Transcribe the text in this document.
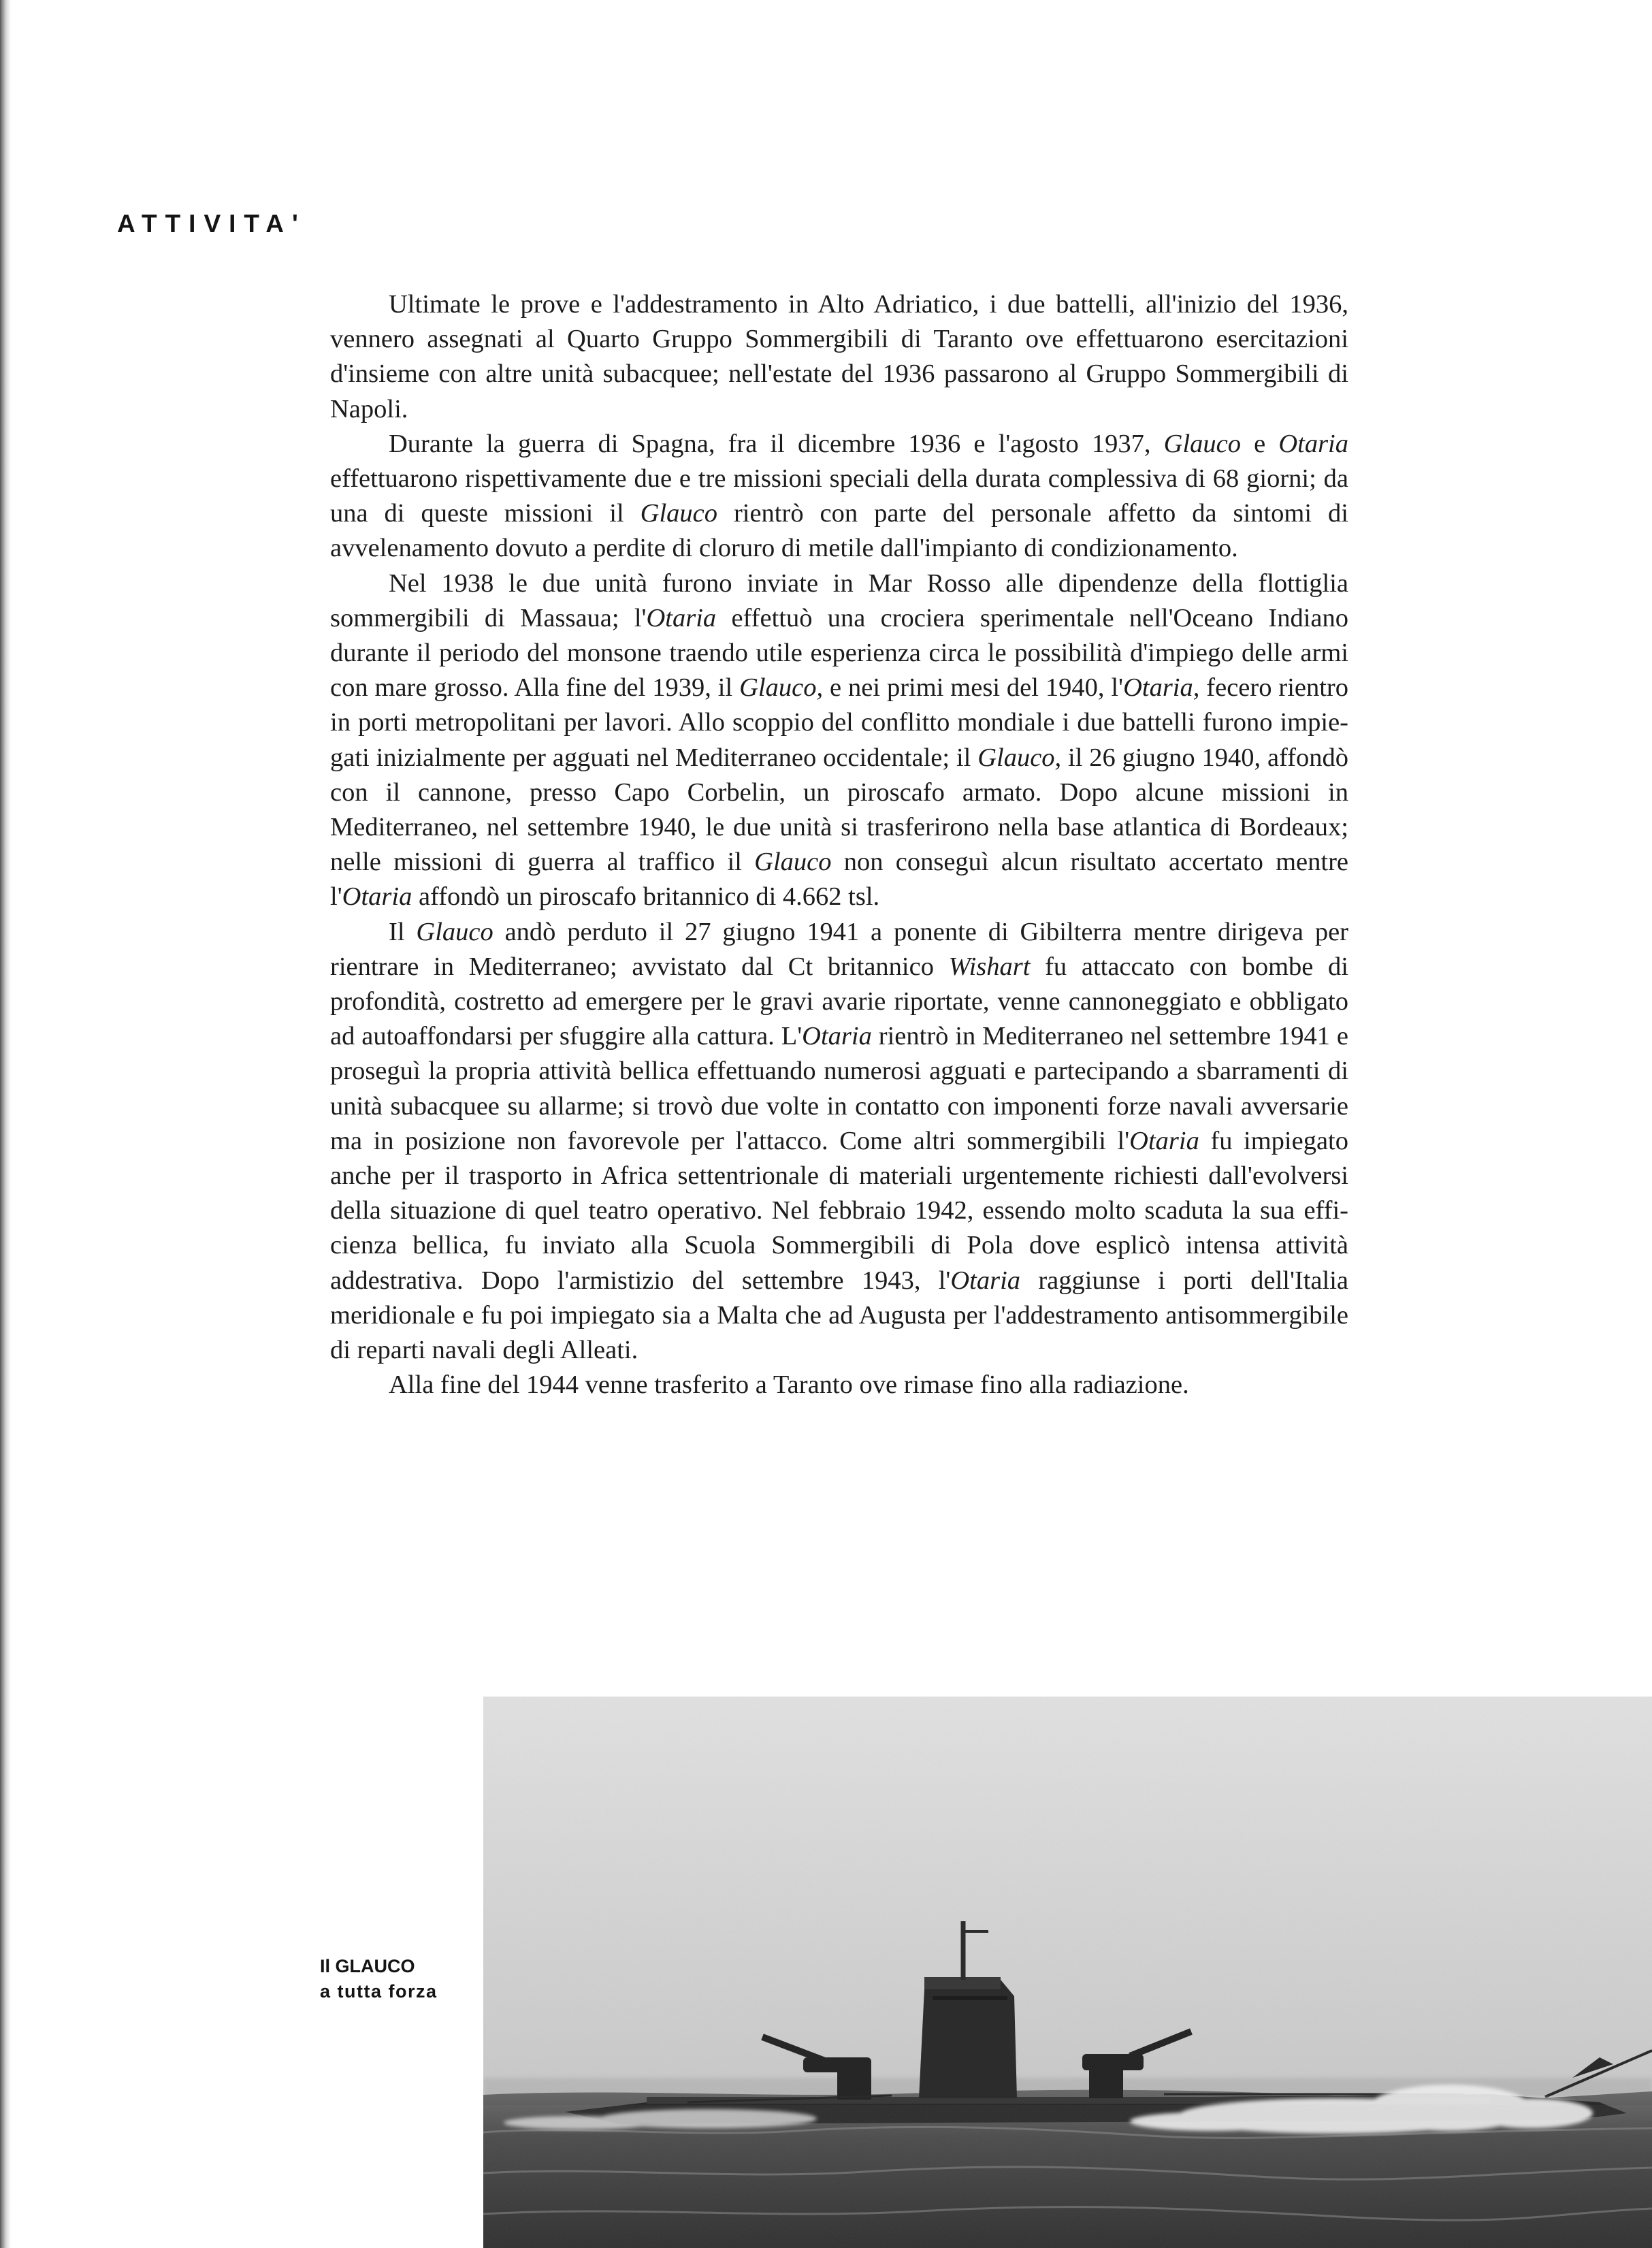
ATTIVITA'

Ultimate le prove e l'addestramento in Alto Adriatico, i due battelli, all'inizio del 1936, vennero assegnati al Quarto Gruppo Sommergibili di Taranto ove effettuarono esercitazioni d'insieme con altre unità subacquee; nell'estate del 1936 passarono al Gruppo Sommergibili di Napoli.

Durante la guerra di Spagna, fra il dicembre 1936 e l'agosto 1937, Glauco e Otaria effettuarono rispettivamente due e tre missioni speciali della durata complessiva di 68 giorni; da una di queste missioni il Glauco rientrò con parte del personale affetto da sintomi di avvelenamento dovuto a perdite di cloruro di metile dall'impianto di condizionamento.

Nel 1938 le due unità furono inviate in Mar Rosso alle dipendenze della flottiglia sommergibili di Massaua; l'Otaria effettuò una crociera sperimentale nell'Oceano Indiano durante il periodo del monsone traendo utile esperienza circa le possibilità d'impiego delle armi con mare grosso. Alla fine del 1939, il Glauco, e nei primi mesi del 1940, l'Otaria, fecero rientro in porti metropolitani per lavori. Allo scoppio del conflitto mondiale i due battelli furono impiegati inizialmente per agguati nel Mediterraneo occidentale; il Glauco, il 26 giugno 1940, affondò con il cannone, presso Capo Corbelin, un piroscafo armato. Dopo alcune missioni in Mediterraneo, nel settembre 1940, le due unità si trasferirono nella base atlantica di Bordeaux; nelle missioni di guerra al traffico il Glauco non conseguì alcun risultato accertato mentre l'Otaria affondò un piroscafo britannico di 4.662 tsl.

Il Glauco andò perduto il 27 giugno 1941 a ponente di Gibilterra mentre dirigeva per rientrare in Mediterraneo; avvistato dal Ct britannico Wishart fu attaccato con bombe di profondità, costretto ad emergere per le gravi avarie riportate, venne cannoneggiato e obbligato ad autoaffondarsi per sfuggire alla cattura. L'Otaria rientrò in Mediterraneo nel settembre 1941 e proseguì la propria attività bellica effettuando numerosi agguati e partecipando a sbarramenti di unità subacquee su allarme; si trovò due volte in contatto con imponenti forze navali avversarie ma in posizione non favorevole per l'attacco. Come altri sommergibili l'Otaria fu impiegato anche per il trasporto in Africa settentrionale di materiali urgentemente richiesti dall'evolversi della situazione di quel teatro operativo. Nel febbraio 1942, essendo molto scaduta la sua efficienza bellica, fu inviato alla Scuola Sommergibili di Pola dove esplicò intensa attività addestrativa. Dopo l'armistizio del settembre 1943, l'Otaria raggiunse i porti dell'Italia meridionale e fu poi impiegato sia a Malta che ad Augusta per l'addestramento antisommergibile di reparti navali degli Alleati.

Alla fine del 1944 venne trasferito a Taranto ove rimase fino alla radiazione.

Il GLAUCO
a tutta forza
